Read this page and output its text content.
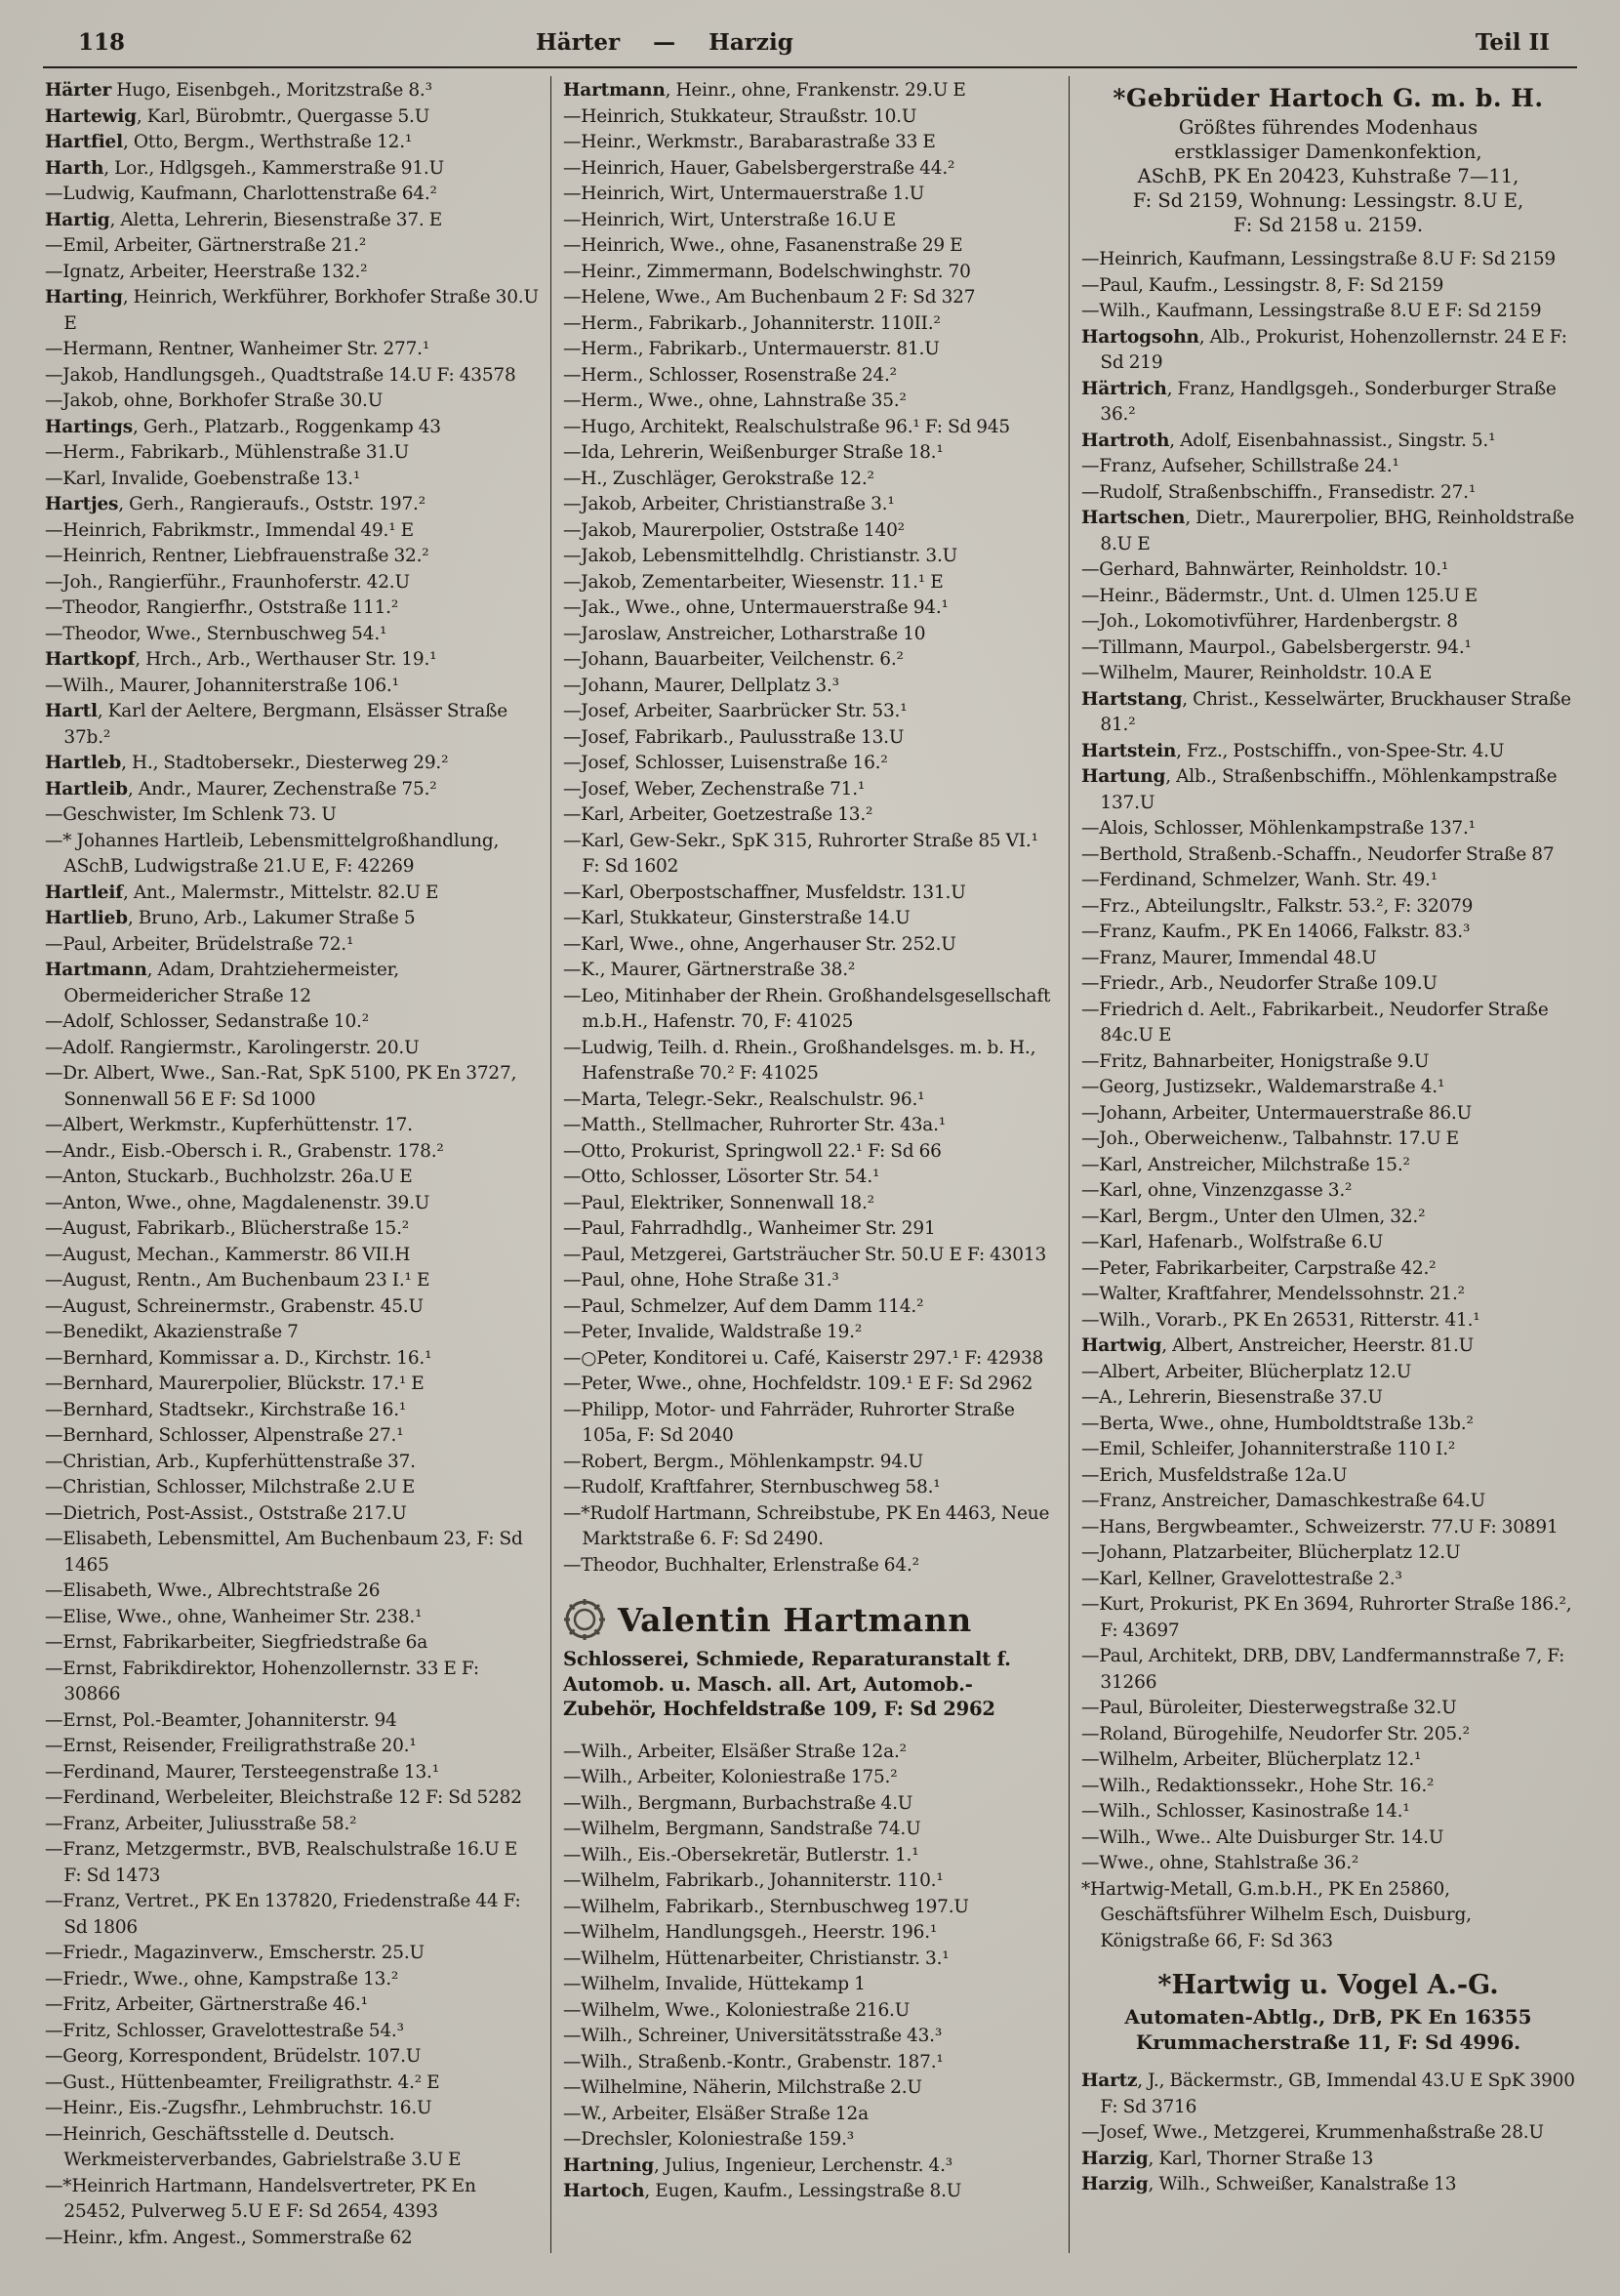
118	Härter — Harzig	Teil II

Härter Hugo, Eisenbgeh., Moritzstraße 8.³

Hartewig, Karl, Bürobmtr., Quergasse 5.U

Hartfiel, Otto, Bergm., Werthstraße 12.¹

Harth, Lor., Hdlgsgeh., Kammerstraße 91.U

—Ludwig, Kaufmann, Charlottenstraße 64.²

Hartig, Aletta, Lehrerin, Biesenstraße 37. E

—Emil, Arbeiter, Gärtnerstraße 21.²

—Ignatz, Arbeiter, Heerstraße 132.²

Harting, Heinrich, Werkführer, Borkhofer Straße 30.U E

—Hermann, Rentner, Wanheimer Str. 277.¹

—Jakob, Handlungsgeh., Quadtstraße 14.U F: 43578

—Jakob, ohne, Borkhofer Straße 30.U

Hartings, Gerh., Platzarb., Roggenkamp 43

—Herm., Fabrikarb., Mühlenstraße 31.U

—Karl, Invalide, Goebenstraße 13.¹

Hartjes, Gerh., Rangieraufs., Oststr. 197.²

—Heinrich, Fabrikmstr., Immendal 49.¹ E

—Heinrich, Rentner, Liebfrauenstraße 32.²

—Joh., Rangierführ., Fraunhoferstr. 42.U

—Theodor, Rangierfhr., Oststraße 111.²

—Theodor, Wwe., Sternbuschweg 54.¹

Hartkopf, Hrch., Arb., Werthauser Str. 19.¹

—Wilh., Maurer, Johanniterstraße 106.¹

Hartl, Karl der Aeltere, Bergmann, Elsässer Straße 37b.²

Hartleb, H., Stadtobersekr., Diesterweg 29.²

Hartleib, Andr., Maurer, Zechenstraße 75.²

—Geschwister, Im Schlenk 73. U

—* Johannes Hartleib, Lebensmittelgroßhandlung, ASchB, Ludwigstraße 21.U E, F: 42269

Hartleif, Ant., Malermstr., Mittelstr. 82.U E

Hartlieb, Bruno, Arb., Lakumer Straße 5

—Paul, Arbeiter, Brüdelstraße 72.¹

Hartmann, Adam, Drahtziehermeister, Obermeidericher Straße 12

—Adolf, Schlosser, Sedanstraße 10.²

—Adolf. Rangiermstr., Karolingerstr. 20.U

—Dr. Albert, Wwe., San.-Rat, SpK 5100, PK En 3727, Sonnenwall 56 E F: Sd 1000

—Albert, Werkmstr., Kupferhüttenstr. 17.

—Andr., Eisb.-Obersch i. R., Grabenstr. 178.²

—Anton, Stuckarb., Buchholzstr. 26a.U E

—Anton, Wwe., ohne, Magdalenenstr. 39.U

—August, Fabrikarb., Blücherstraße 15.²

—August, Mechan., Kammerstr. 86 VII.H

—August, Rentn., Am Buchenbaum 23 I.¹ E

—August, Schreinermstr., Grabenstr. 45.U

—Benedikt, Akazienstraße 7

—Bernhard, Kommissar a. D., Kirchstr. 16.¹

—Bernhard, Maurerpolier, Blückstr. 17.¹ E

—Bernhard, Stadtsekr., Kirchstraße 16.¹

—Bernhard, Schlosser, Alpenstraße 27.¹

—Christian, Arb., Kupferhüttenstraße 37.

—Christian, Schlosser, Milchstraße 2.U E

—Dietrich, Post-Assist., Oststraße 217.U

—Elisabeth, Lebensmittel, Am Buchenbaum 23, F: Sd 1465

—Elisabeth, Wwe., Albrechtstraße 26

—Elise, Wwe., ohne, Wanheimer Str. 238.¹

—Ernst, Fabrikarbeiter, Siegfriedstraße 6a

—Ernst, Fabrikdirektor, Hohenzollernstr. 33 E F: 30866

—Ernst, Pol.-Beamter, Johanniterstr. 94

—Ernst, Reisender, Freiligrathstraße 20.¹

—Ferdinand, Maurer, Tersteegenstraße 13.¹

—Ferdinand, Werbeleiter, Bleichstraße 12 F: Sd 5282

—Franz, Arbeiter, Juliusstraße 58.²

—Franz, Metzgermstr., BVB, Realschulstraße 16.U E F: Sd 1473

—Franz, Vertret., PK En 137820, Friedenstraße 44 F: Sd 1806

—Friedr., Magazinverw., Emscherstr. 25.U

—Friedr., Wwe., ohne, Kampstraße 13.²

—Fritz, Arbeiter, Gärtnerstraße 46.¹

—Fritz, Schlosser, Gravelottestraße 54.³

—Georg, Korrespondent, Brüdelstr. 107.U

—Gust., Hüttenbeamter, Freiligrathstr. 4.² E

—Heinr., Eis.-Zugsfhr., Lehmbruchstr. 16.U

—Heinrich, Geschäftsstelle d. Deutsch. Werkmeisterverbandes, Gabrielstraße 3.U E

—*Heinrich Hartmann, Handelsvertreter, PK En 25452, Pulverweg 5.U E F: Sd 2654, 4393

—Heinr., kfm. Angest., Sommerstraße 62

Hartmann, Heinr., ohne, Frankenstr. 29.U E

—Heinrich, Stukkateur, Straußstr. 10.U

—Heinr., Werkmstr., Barabarastraße 33 E

—Heinrich, Hauer, Gabelsbergerstraße 44.²

—Heinrich, Wirt, Untermauerstraße 1.U

—Heinrich, Wirt, Unterstraße 16.U E

—Heinrich, Wwe., ohne, Fasanenstraße 29 E

—Heinr., Zimmermann, Bodelschwinghstr. 70

—Helene, Wwe., Am Buchenbaum 2 F: Sd 327

—Herm., Fabrikarb., Johanniterstr. 110II.²

—Herm., Fabrikarb., Untermauerstr. 81.U

—Herm., Schlosser, Rosenstraße 24.²

—Herm., Wwe., ohne, Lahnstraße 35.²

—Hugo, Architekt, Realschulstraße 96.¹ F: Sd 945

—Ida, Lehrerin, Weißenburger Straße 18.¹

—H., Zuschläger, Gerokstraße 12.²

—Jakob, Arbeiter, Christianstraße 3.¹

—Jakob, Maurerpolier, Oststraße 140²

—Jakob, Lebensmittelhdlg. Christianstr. 3.U

—Jakob, Zementarbeiter, Wiesenstr. 11.¹ E

—Jak., Wwe., ohne, Untermauerstraße 94.¹

—Jaroslaw, Anstreicher, Lotharstraße 10

—Johann, Bauarbeiter, Veilchenstr. 6.²

—Johann, Maurer, Dellplatz 3.³

—Josef, Arbeiter, Saarbrücker Str. 53.¹

—Josef, Fabrikarb., Paulusstraße 13.U

—Josef, Schlosser, Luisenstraße 16.²

—Josef, Weber, Zechenstraße 71.¹

—Karl, Arbeiter, Goetzestraße 13.²

—Karl, Gew-Sekr., SpK 315, Ruhrorter Straße 85 VI.¹ F: Sd 1602

—Karl, Oberpostschaffner, Musfeldstr. 131.U

—Karl, Stukkateur, Ginsterstraße 14.U

—Karl, Wwe., ohne, Angerhauser Str. 252.U

—K., Maurer, Gärtnerstraße 38.²

—Leo, Mitinhaber der Rhein. Großhandelsgesellschaft m.b.H., Hafenstr. 70, F: 41025

—Ludwig, Teilh. d. Rhein., Großhandelsges. m. b. H., Hafenstraße 70.² F: 41025

—Marta, Telegr.-Sekr., Realschulstr. 96.¹

—Matth., Stellmacher, Ruhrorter Str. 43a.¹

—Otto, Prokurist, Springwoll 22.¹ F: Sd 66

—Otto, Schlosser, Lösorter Str. 54.¹

—Paul, Elektriker, Sonnenwall 18.²

—Paul, Fahrradhdlg., Wanheimer Str. 291

—Paul, Metzgerei, Gartsträucher Str. 50.U E F: 43013

—Paul, ohne, Hohe Straße 31.³

—Paul, Schmelzer, Auf dem Damm 114.²

—Peter, Invalide, Waldstraße 19.²

—○Peter, Konditorei u. Café, Kaiserstr 297.¹ F: 42938

—Peter, Wwe., ohne, Hochfeldstr. 109.¹ E F: Sd 2962

—Philipp, Motor- und Fahrräder, Ruhrorter Straße 105a, F: Sd 2040

—Robert, Bergm., Möhlenkampstr. 94.U

—Rudolf, Kraftfahrer, Sternbuschweg 58.¹

—*Rudolf Hartmann, Schreibstube, PK En 4463, Neue Marktstraße 6. F: Sd 2490.

—Theodor, Buchhalter, Erlenstraße 64.²

Valentin Hartmann
Schlosserei, Schmiede, Reparaturanstalt f. Automob. u. Masch. all. Art, Automob.-Zubehör, Hochfeldstraße 109, F: Sd 2962

—Wilh., Arbeiter, Elsäßer Straße 12a.²

—Wilh., Arbeiter, Koloniestraße 175.²

—Wilh., Bergmann, Burbachstraße 4.U

—Wilhelm, Bergmann, Sandstraße 74.U

—Wilh., Eis.-Obersekretär, Butlerstr. 1.¹

—Wilhelm, Fabrikarb., Johanniterstr. 110.¹

—Wilhelm, Fabrikarb., Sternbuschweg 197.U

—Wilhelm, Handlungsgeh., Heerstr. 196.¹

—Wilhelm, Hüttenarbeiter, Christianstr. 3.¹

—Wilhelm, Invalide, Hüttekamp 1

—Wilhelm, Wwe., Koloniestraße 216.U

—Wilh., Schreiner, Universitätsstraße 43.³

—Wilh., Straßenb.-Kontr., Grabenstr. 187.¹

—Wilhelmine, Näherin, Milchstraße 2.U

—W., Arbeiter, Elsäßer Straße 12a

—Drechsler, Koloniestraße 159.³

Hartning, Julius, Ingenieur, Lerchenstr. 4.³

Hartoch, Eugen, Kaufm., Lessingstraße 8.U

*Gebrüder Hartoch G. m. b. H.

Größtes führendes Modenhaus

erstklassiger Damenkonfektion,

ASchB, PK En 20423, Kuhstraße 7—11,

F: Sd 2159, Wohnung: Lessingstr. 8.U E,

F: Sd 2158 u. 2159.

—Heinrich, Kaufmann, Lessingstraße 8.U F: Sd 2159

—Paul, Kaufm., Lessingstr. 8, F: Sd 2159

—Wilh., Kaufmann, Lessingstraße 8.U E F: Sd 2159

Hartogsohn, Alb., Prokurist, Hohenzollernstr. 24 E F: Sd 219

Härtrich, Franz, Handlgsgeh., Sonderburger Straße 36.²

Hartroth, Adolf, Eisenbahnassist., Singstr. 5.¹

—Franz, Aufseher, Schillstraße 24.¹

—Rudolf, Straßenbschiffn., Fransedistr. 27.¹

Hartschen, Dietr., Maurerpolier, BHG, Reinholdstraße 8.U E

—Gerhard, Bahnwärter, Reinholdstr. 10.¹

—Heinr., Bädermstr., Unt. d. Ulmen 125.U E

—Joh., Lokomotivführer, Hardenbergstr. 8

—Tillmann, Maurpol., Gabelsbergerstr. 94.¹

—Wilhelm, Maurer, Reinholdstr. 10.A E

Hartstang, Christ., Kesselwärter, Bruckhauser Straße 81.²

Hartstein, Frz., Postschiffn., von-Spee-Str. 4.U

Hartung, Alb., Straßenbschiffn., Möhlenkampstraße 137.U

—Alois, Schlosser, Möhlenkampstraße 137.¹

—Berthold, Straßenb.-Schaffn., Neudorfer Straße 87

—Ferdinand, Schmelzer, Wanh. Str. 49.¹

—Frz., Abteilungsltr., Falkstr. 53.², F: 32079

—Franz, Kaufm., PK En 14066, Falkstr. 83.³

—Franz, Maurer, Immendal 48.U

—Friedr., Arb., Neudorfer Straße 109.U

—Friedrich d. Aelt., Fabrikarbeit., Neudorfer Straße 84c.U E

—Fritz, Bahnarbeiter, Honigstraße 9.U

—Georg, Justizsekr., Waldemarstraße 4.¹

—Johann, Arbeiter, Untermauerstraße 86.U

—Joh., Oberweichenw., Talbahnstr. 17.U E

—Karl, Anstreicher, Milchstraße 15.²

—Karl, ohne, Vinzenzgasse 3.²

—Karl, Bergm., Unter den Ulmen, 32.²

—Karl, Hafenarb., Wolfstraße 6.U

—Peter, Fabrikarbeiter, Carpstraße 42.²

—Walter, Kraftfahrer, Mendelssohnstr. 21.²

—Wilh., Vorarb., PK En 26531, Ritterstr. 41.¹

Hartwig, Albert, Anstreicher, Heerstr. 81.U

—Albert, Arbeiter, Blücherplatz 12.U

—A., Lehrerin, Biesenstraße 37.U

—Berta, Wwe., ohne, Humboldtstraße 13b.²

—Emil, Schleifer, Johanniterstraße 110 I.²

—Erich, Musfeldstraße 12a.U

—Franz, Anstreicher, Damaschkestraße 64.U

—Hans, Bergwbeamter., Schweizerstr. 77.U F: 30891

—Johann, Platzarbeiter, Blücherplatz 12.U

—Karl, Kellner, Gravelottestraße 2.³

—Kurt, Prokurist, PK En 3694, Ruhrorter Straße 186.², F: 43697

—Paul, Architekt, DRB, DBV, Landfermannstraße 7, F: 31266

—Paul, Büroleiter, Diesterwegstraße 32.U

—Roland, Bürogehilfe, Neudorfer Str. 205.²

—Wilhelm, Arbeiter, Blücherplatz 12.¹

—Wilh., Redaktionssekr., Hohe Str. 16.²

—Wilh., Schlosser, Kasinostraße 14.¹

—Wilh., Wwe.. Alte Duisburger Str. 14.U

—Wwe., ohne, Stahlstraße 36.²

*Hartwig-Metall, G.m.b.H., PK En 25860, Geschäftsführer Wilhelm Esch, Duisburg, Königstraße 66, F: Sd 363

*Hartwig u. Vogel A.-G.

Automaten-Abtlg., DrB, PK En 16355

Krummacherstraße 11, F: Sd 4996.

Hartz, J., Bäckermstr., GB, Immendal 43.U E SpK 3900 F: Sd 3716

—Josef, Wwe., Metzgerei, Krummenhaßstraße 28.U

Harzig, Karl, Thorner Straße 13

Harzig, Wilh., Schweißer, Kanalstraße 13
